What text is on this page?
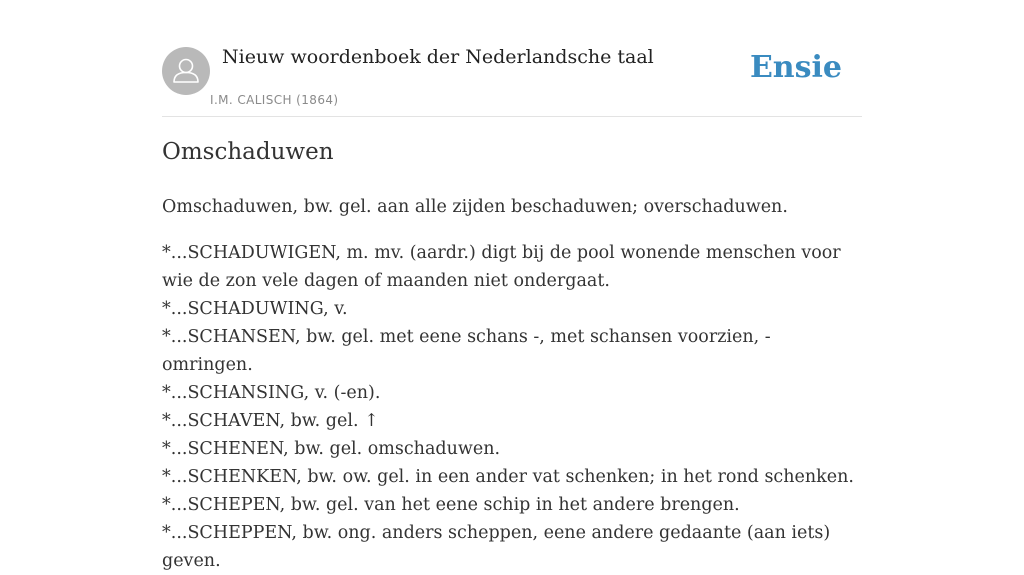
Nieuw woordenboek der Nederlandsche taal
I.M. CALISCH (1864)
Ensie
Omschaduwen

Omschaduwen, bw. gel. aan alle zijden beschaduwen; overschaduwen.

*...SCHADUWIGEN, m. mv. (aardr.) digt bij de pool wonende menschen voor wie de zon vele dagen of maanden niet ondergaat.
*...SCHADUWING, v.
*...SCHANSEN, bw. gel. met eene schans -, met schansen voorzien, - omringen.
*...SCHANSING, v. (-en).
*...SCHAVEN, bw. gel. ↑
*...SCHENEN, bw. gel. omschaduwen.
*...SCHENKEN, bw. ow. gel. in een ander vat schenken; in het rond schenken.
*...SCHEPEN, bw. gel. van het eene schip in het andere brengen.
*...SCHEPPEN, bw. ong. anders scheppen, eene andere gedaante (aan iets) geven.
